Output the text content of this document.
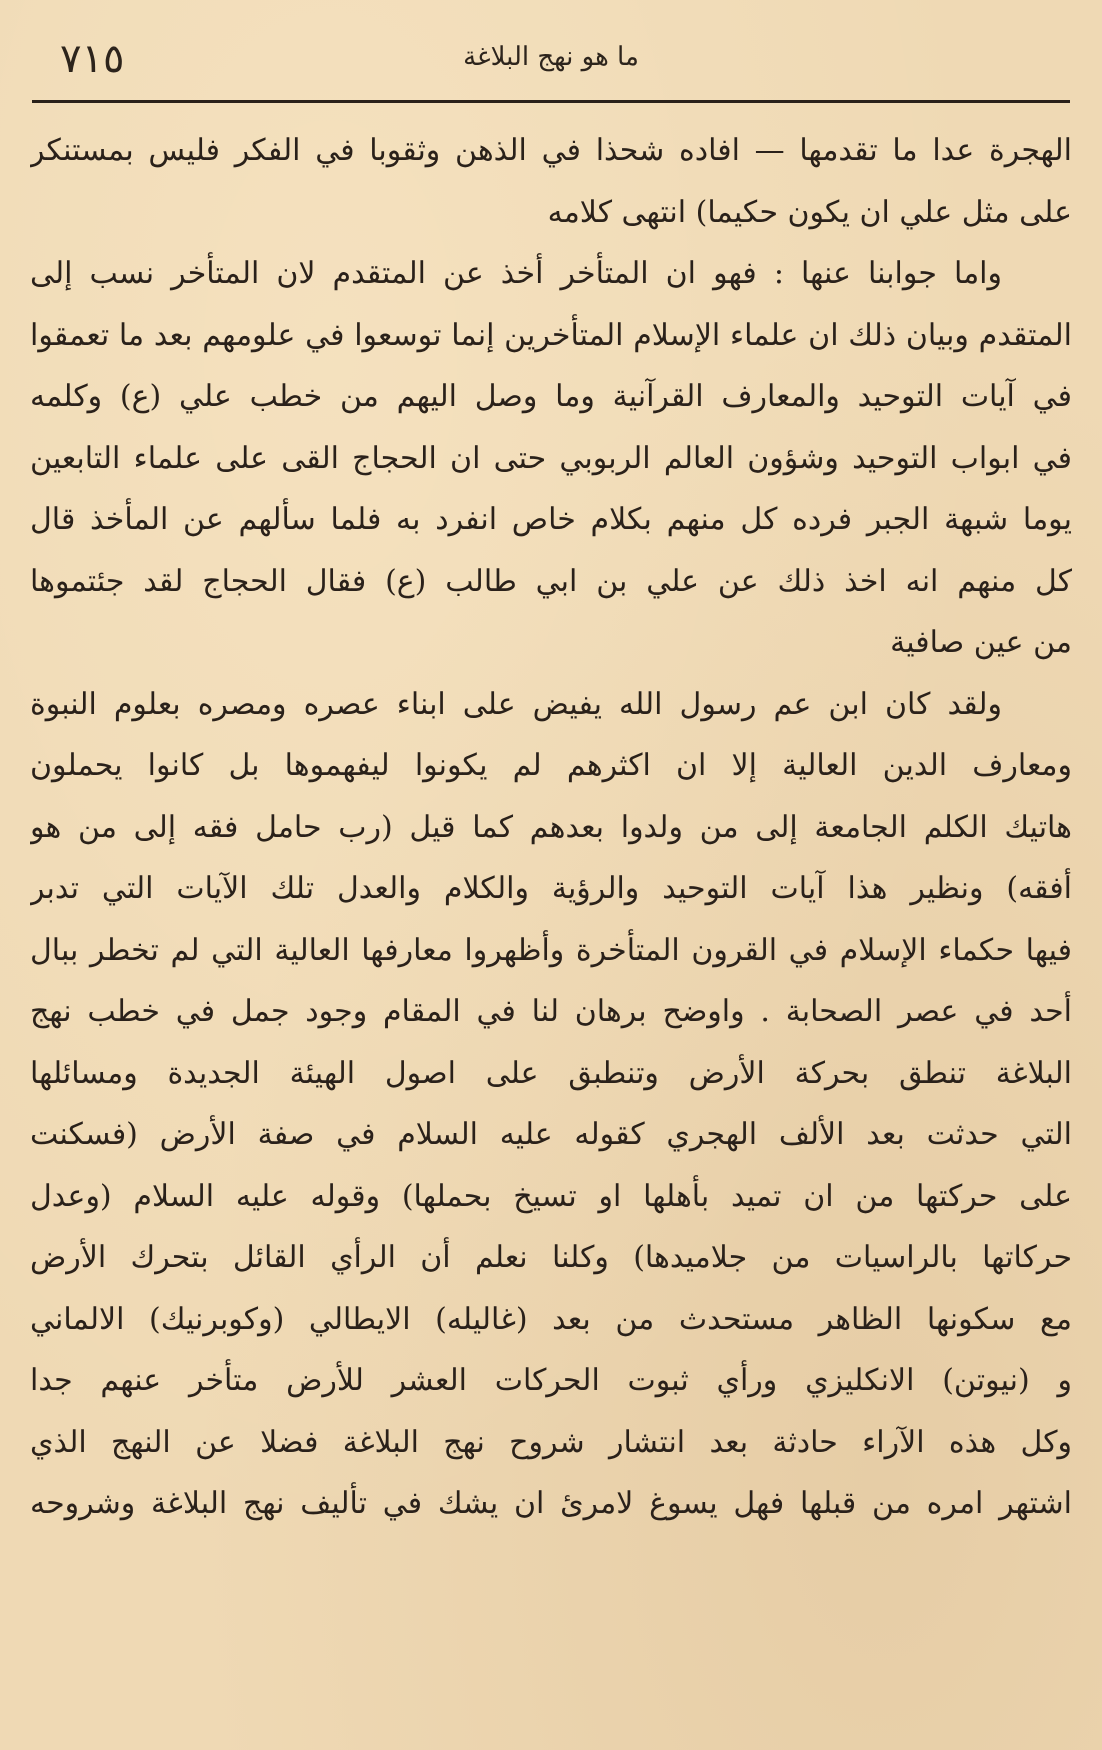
٧١٥	ما هو نهج البلاغة
الهجرة عدا ما تقدمها — افاده شحذا في الذهن وثقوبا في الفكر فليس بمستنكر
على مثل علي ان يكون حكيما) انتهى كلامه
واما جوابنا عنها : فهو ان المتأخر أخذ عن المتقدم لان المتأخر نسب إلى
المتقدم وبيان ذلك ان علماء الإسلام المتأخرين إنما توسعوا في علومهم بعد ما تعمقوا
في آيات التوحيد والمعارف القرآنية وما وصل اليهم من خطب علي (ع) وكلمه
في ابواب التوحيد وشؤون العالم الربوبي حتى ان الحجاج القى على علماء التابعين
يوما شبهة الجبر فرده كل منهم بكلام خاص انفرد به فلما سألهم عن المأخذ قال
كل منهم انه اخذ ذلك عن علي بن ابي طالب (ع) فقال الحجاج لقد جئتموها
من عين صافية
ولقد كان ابن عم رسول الله يفيض على ابناء عصره ومصره بعلوم النبوة
ومعارف الدين العالية إلا ان اكثرهم لم يكونوا ليفهموها بل كانوا يحملون
هاتيك الكلم الجامعة إلى من ولدوا بعدهم كما قيل (رب حامل فقه إلى من هو
أفقه) ونظير هذا آيات التوحيد والرؤية والكلام والعدل تلك الآيات التي تدبر
فيها حكماء الإسلام في القرون المتأخرة وأظهروا معارفها العالية التي لم تخطر ببال
أحد في عصر الصحابة . واوضح برهان لنا في المقام وجود جمل في خطب نهج
البلاغة تنطق بحركة الأرض وتنطبق على اصول الهيئة الجديدة ومسائلها
التي حدثت بعد الألف الهجري كقوله عليه السلام في صفة الأرض (فسكنت
على حركتها من ان تميد بأهلها او تسيخ بحملها) وقوله عليه السلام (وعدل
حركاتها بالراسيات من جلاميدها) وكلنا نعلم أن الرأي القائل بتحرك الأرض
مع سكونها الظاهر مستحدث من بعد (غاليله) الايطالي (وكوبرنيك) الالماني
و (نيوتن) الانكليزي ورأي ثبوت الحركات العشر للأرض متأخر عنهم جدا
وكل هذه الآراء حادثة بعد انتشار شروح نهج البلاغة فضلا عن النهج الذي
اشتهر امره من قبلها فهل يسوغ لامرئ ان يشك في تأليف نهج البلاغة وشروحه
